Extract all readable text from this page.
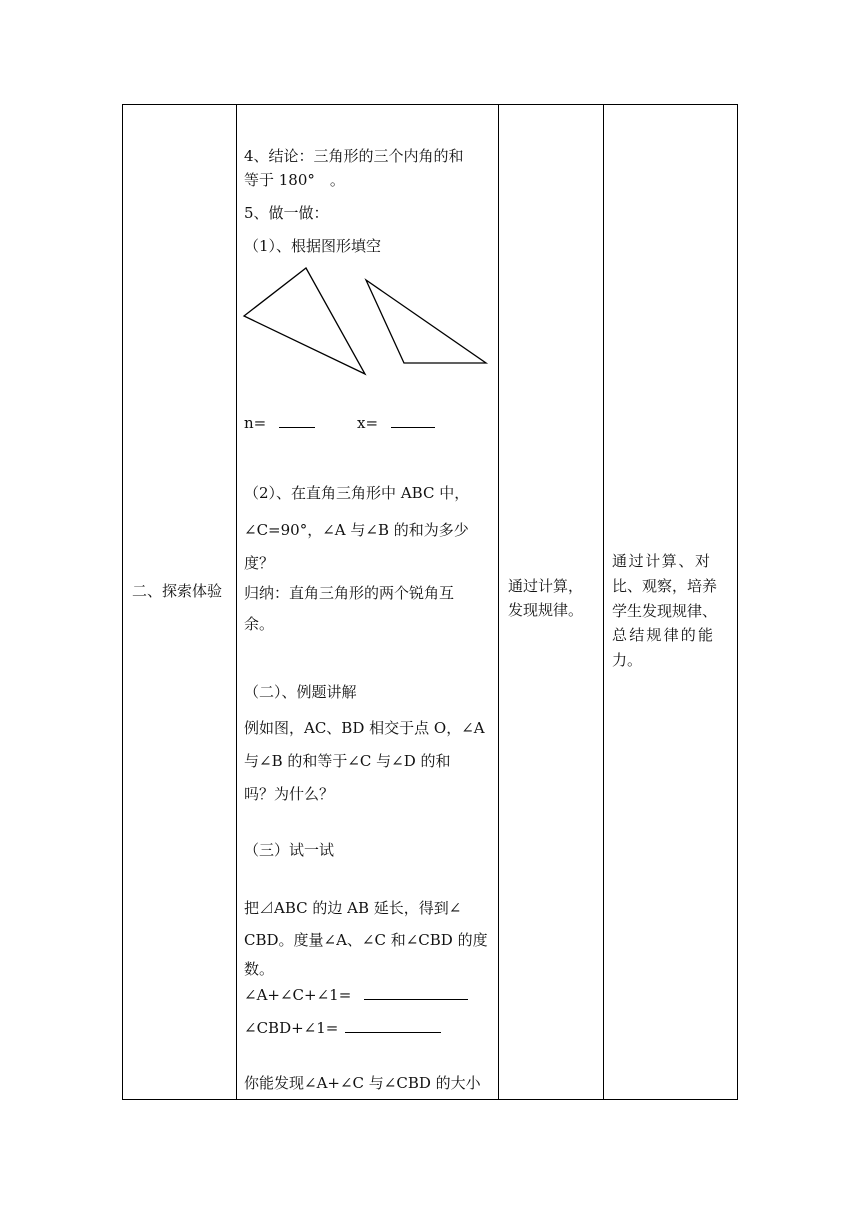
二、探索体验
4、结论：三角形的三个内角的和
等于 180°　。
5、做一做：
（1）、根据图形填空
n=	x=
（2）、在直角三角形中 ABC 中，
∠C=90°，∠A 与∠B 的和为多少
度？
归纳：直角三角形的两个锐角互
余。
（二）、例题讲解
例如图，AC、BD 相交于点 O，∠A
与∠B 的和等于∠C 与∠D 的和
吗？为什么？
（三）试一试
把⊿ABC 的边 AB 延长，得到∠
CBD。度量∠A、∠C 和∠CBD 的度
数。
∠A+∠C+∠1=
∠CBD+∠1=
你能发现∠A+∠C 与∠CBD 的大小
通过计算，
发现规律。
通过计算、对
比、观察，培养
学生发现规律、
总结规律的能
力。
